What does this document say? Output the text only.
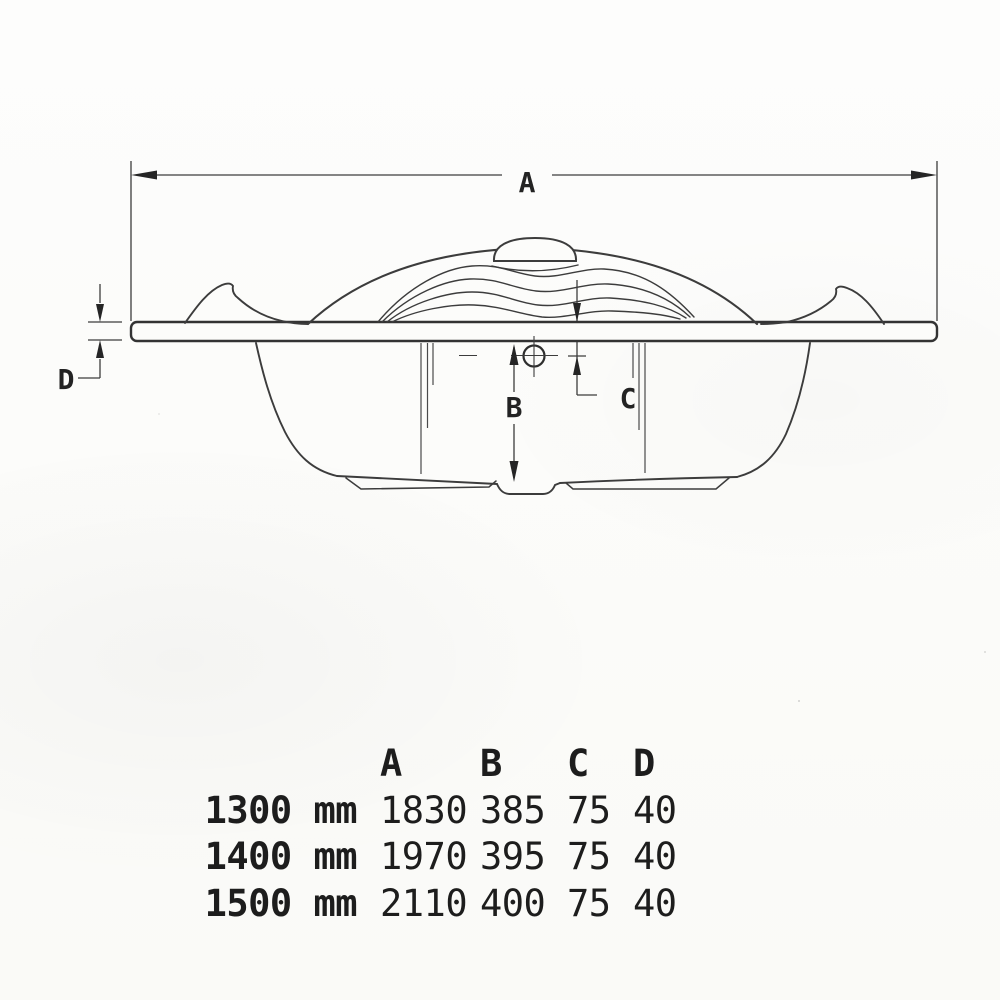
A
B	C
D
A	B	C	D
1300 mm 1830 385 75 40
1400 mm 1970 395 75 40
1500 mm 2110 400 75 40
